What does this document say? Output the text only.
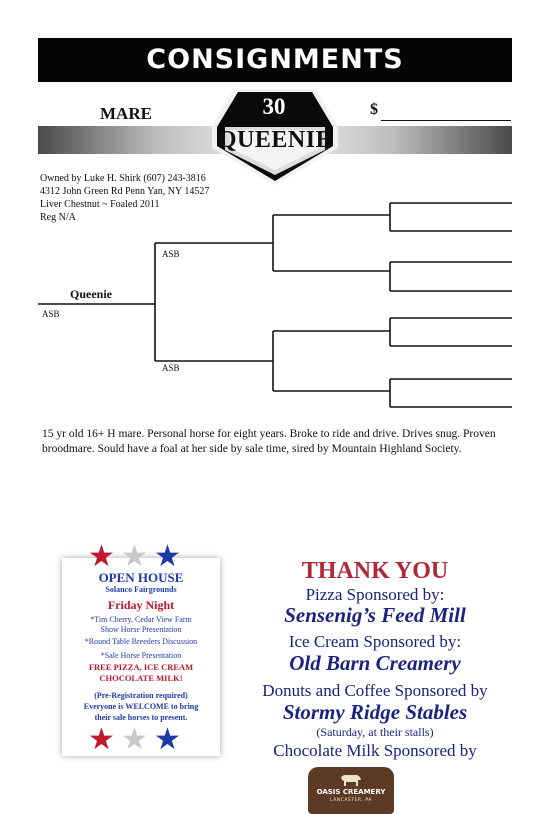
CONSIGNMENTS
MARE	$
30
QUEENIE
Owned by Luke H. Shirk (607) 243-3816
4312 John Green Rd Penn Yan, NY 14527
Liver Chestnut ~ Foaled 2011
Reg N/A
Queenie
ASB
ASB
ASB
15 yr old 16+ H mare. Personal horse for eight years. Broke to ride and drive. Drives snug. Proven broodmare. Sould have a foal at her side by sale time, sired by Mountain Highland Society.
OPEN HOUSE
Solanco Fairgrounds
Friday Night
*Tim Cherry, Cedar View Farm
Show Horse Presentation
*Round Table Breeders Discussion
*Sale Horse Presentation
FREE PIZZA, ICE CREAM
CHOCOLATE MILK!
(Pre-Registration required)
Everyone is WELCOME to bring
their sale horses to present.
★ ★ ★
★ ★ ★
THANK YOU
Pizza Sponsored by:
Sensenig’s Feed Mill
Ice Cream Sponsored by:
Old Barn Creamery
Donuts and Coffee Sponsored by
Stormy Ridge Stables
(Saturday, at their stalls)
Chocolate Milk Sponsored by
OASIS CREAMERY
LANCASTER, PA
